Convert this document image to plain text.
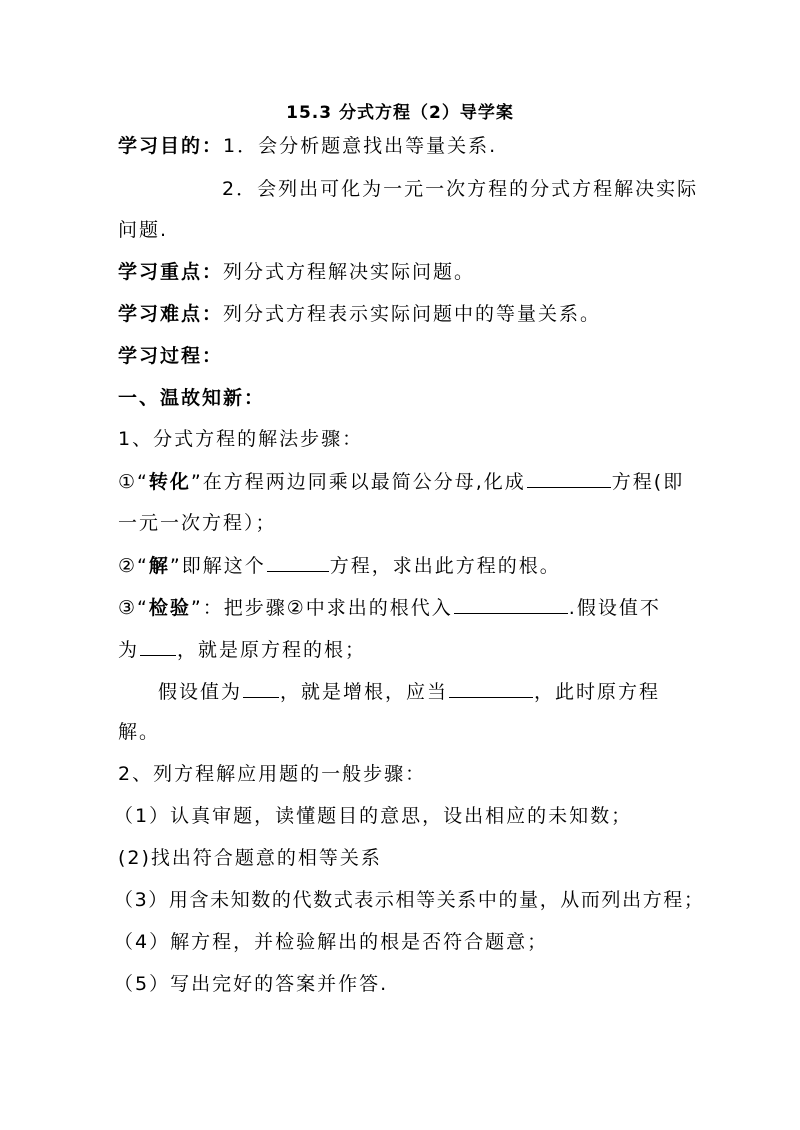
15.3 分式方程（2）导学案
学习目的：1．会分析题意找出等量关系.
2．会列出可化为一元一次方程的分式方程解决实际
问题.
学习重点：列分式方程解决实际问题。
学习难点：列分式方程表示实际问题中的等量关系。
学习过程：
一、温故知新：
1、分式方程的解法步骤：
①“转化”在方程两边同乘以最简公分母,化成	方程(即
一元一次方程）；
②“解”即解这个	方程，求出此方程的根。
③“检验”：把步骤②中求出的根代入	.假设值不
为 ，就是原方程的根；
假设值为 ，就是增根，应当	，此时原方程
解。
2、列方程解应用题的一般步骤：
（1）认真审题，读懂题目的意思，设出相应的未知数；
(2)找出符合题意的相等关系
（3）用含未知数的代数式表示相等关系中的量，从而列出方程；
（4）解方程，并检验解出的根是否符合题意；
（5）写出完好的答案并作答.
